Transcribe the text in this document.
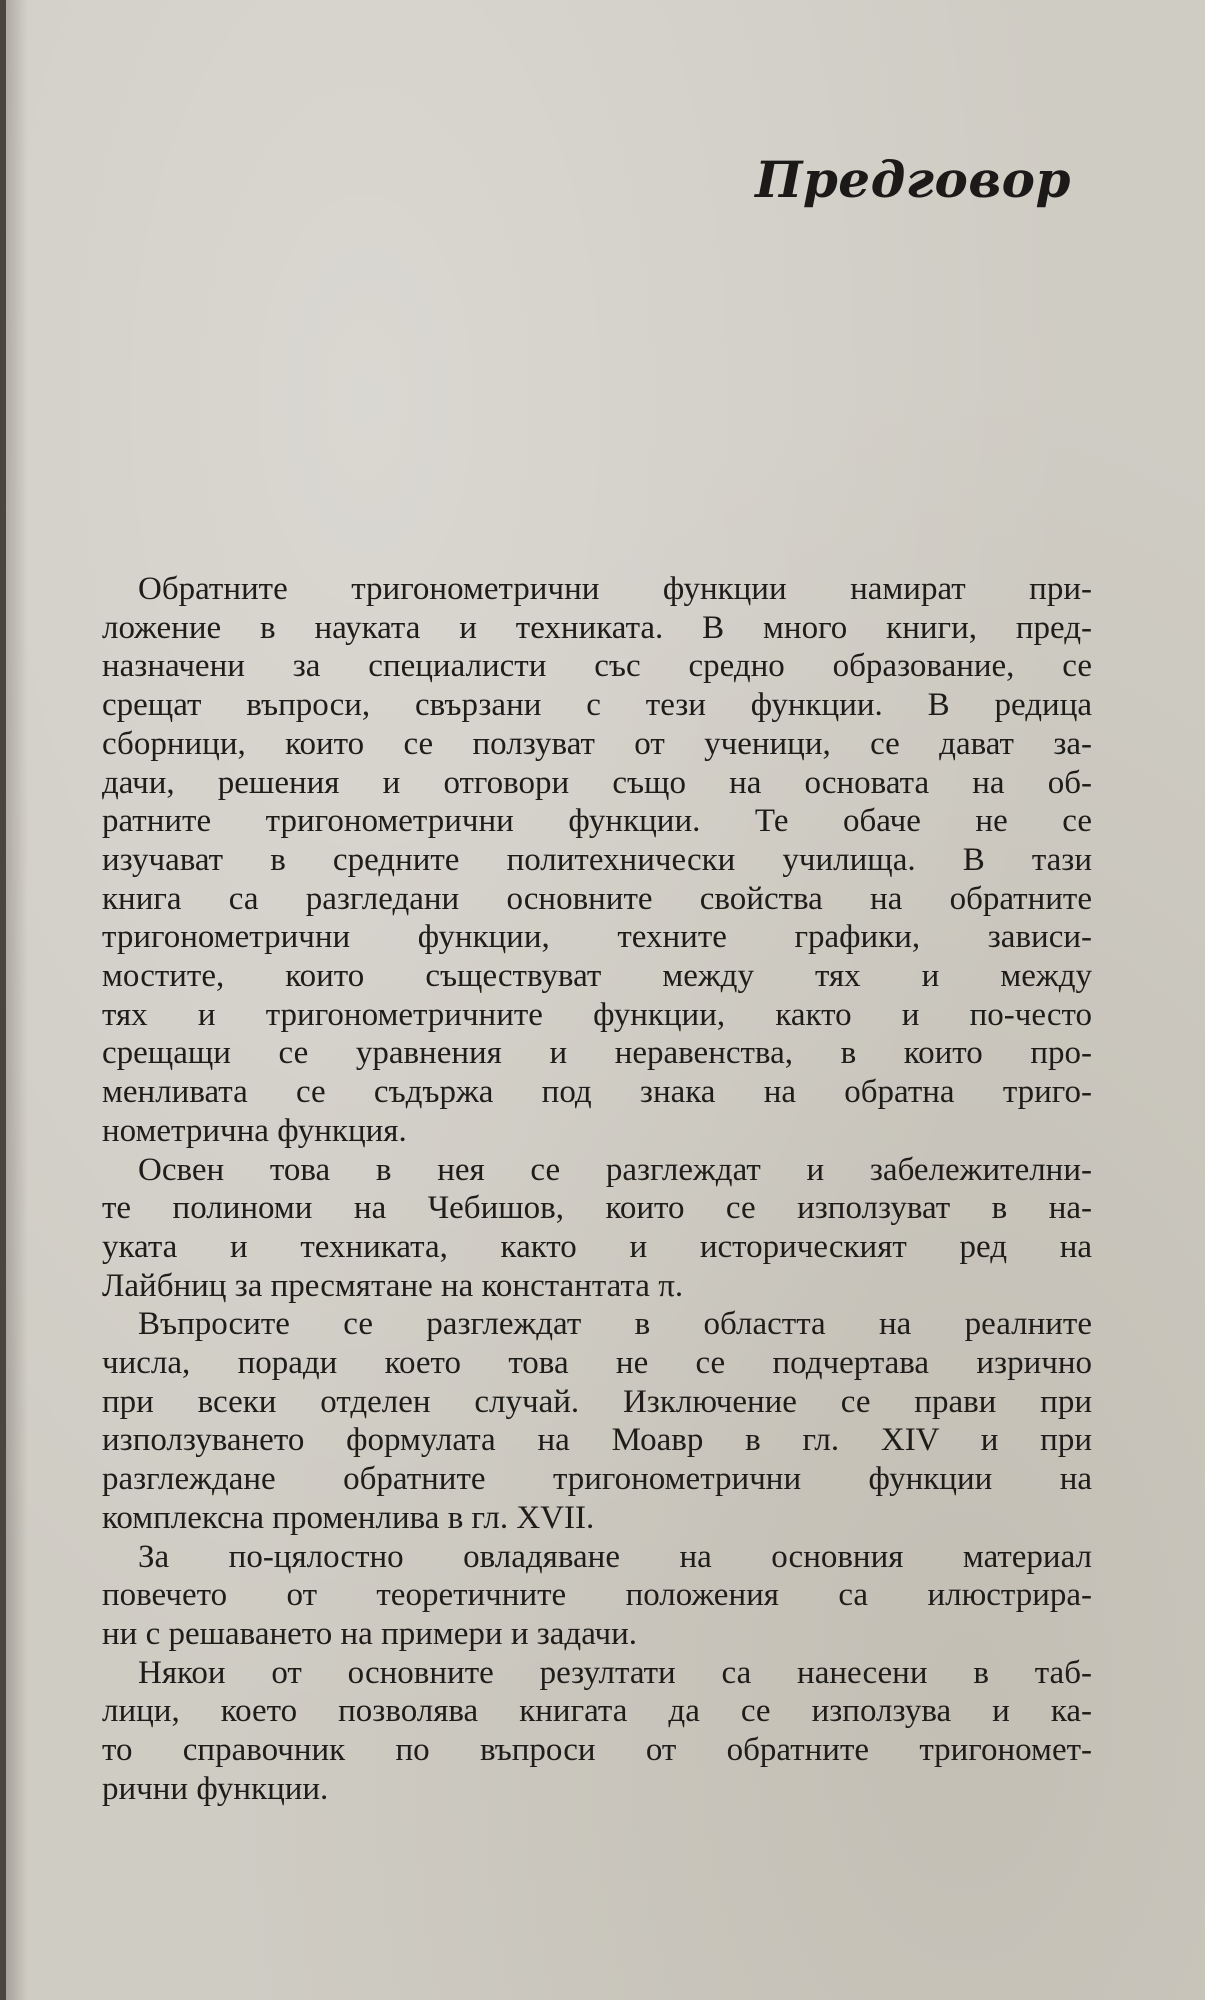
Предговор
Обратните тригонометрични функции намират при-
ложение в науката и техниката. В много книги, пред-
назначени за специалисти със средно образование, се
срещат въпроси, свързани с тези функции. В редица
сборници, които се ползуват от ученици, се дават за-
дачи, решения и отговори също на основата на об-
ратните тригонометрични функции. Те обаче не се
изучават в средните политехнически училища. В тази
книга са разгледани основните свойства на обратните
тригонометрични функции, техните графики, зависи-
мостите, които съществуват между тях и между
тях и тригонометричните функции, както и по-често
срещащи се уравнения и неравенства, в които про-
менливата се съдържа под знака на обратна триго-
нометрична функция.
Освен това в нея се разглеждат и забележителни-
те полиноми на Чебишов, които се използуват в на-
уката и техниката, както и историческият ред на
Лайбниц за пресмятане на константата π.
Въпросите се разглеждат в областта на реалните
числа, поради което това не се подчертава изрично
при всеки отделен случай. Изключение се прави при
използуването формулата на Моавр в гл. XIV и при
разглеждане обратните тригонометрични функции на
комплексна променлива в гл. XVII.
За по-цялостно овладяване на основния материал
повечето от теоретичните положения са илюстрира-
ни с решаването на примери и задачи.
Някои от основните резултати са нанесени в таб-
лици, което позволява книгата да се използува и ка-
то справочник по въпроси от обратните тригономет-
рични функции.
